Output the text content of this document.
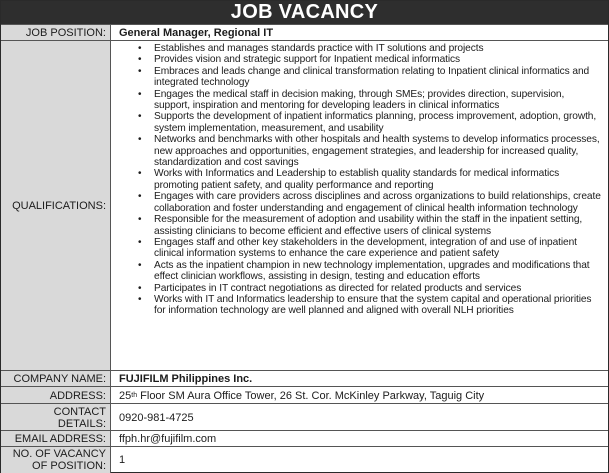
JOB VACANCY
JOB POSITION:	General Manager, Regional IT
QUALIFICATIONS:
• Establishes and manages standards practice with IT solutions and projects
• Provides vision and strategic support for Inpatient medical informatics
• Embraces and leads change and clinical transformation relating to Inpatient clinical informatics and integrated technology
• Engages the medical staff in decision making, through SMEs; provides direction, supervision, support, inspiration and mentoring for developing leaders in clinical informatics
• Supports the development of inpatient informatics planning, process improvement, adoption, growth, system implementation, measurement, and usability
• Networks and benchmarks with other hospitals and health systems to develop informatics processes, new approaches and opportunities, engagement strategies, and leadership for increased quality, standardization and cost savings
• Works with Informatics and Leadership to establish quality standards for medical informatics promoting patient safety, and quality performance and reporting
• Engages with care providers across disciplines and across organizations to build relationships, create collaboration and foster understanding and engagement of clinical health information technology
• Responsible for the measurement of adoption and usability within the staff in the inpatient setting, assisting clinicians to become efficient and effective users of clinical systems
• Engages staff and other key stakeholders in the development, integration of and use of inpatient clinical information systems to enhance the care experience and patient safety
• Acts as the inpatient champion in new technology implementation, upgrades and modifications that effect clinician workflows, assisting in design, testing and education efforts
• Participates in IT contract negotiations as directed for related products and services
• Works with IT and Informatics leadership to ensure that the system capital and operational priorities for information technology are well planned and aligned with overall NLH priorities
COMPANY NAME:	FUJIFILM Philippines Inc.
ADDRESS:	25 th Floor SM Aura Office Tower, 26 St. Cor. McKinley Parkway, Taguig City
CONTACT
DETAILS:	0920-981-4725
EMAIL ADDRESS:	ffph.hr@fujifilm.com
NO. OF VACANCY
OF POSITION:	1
